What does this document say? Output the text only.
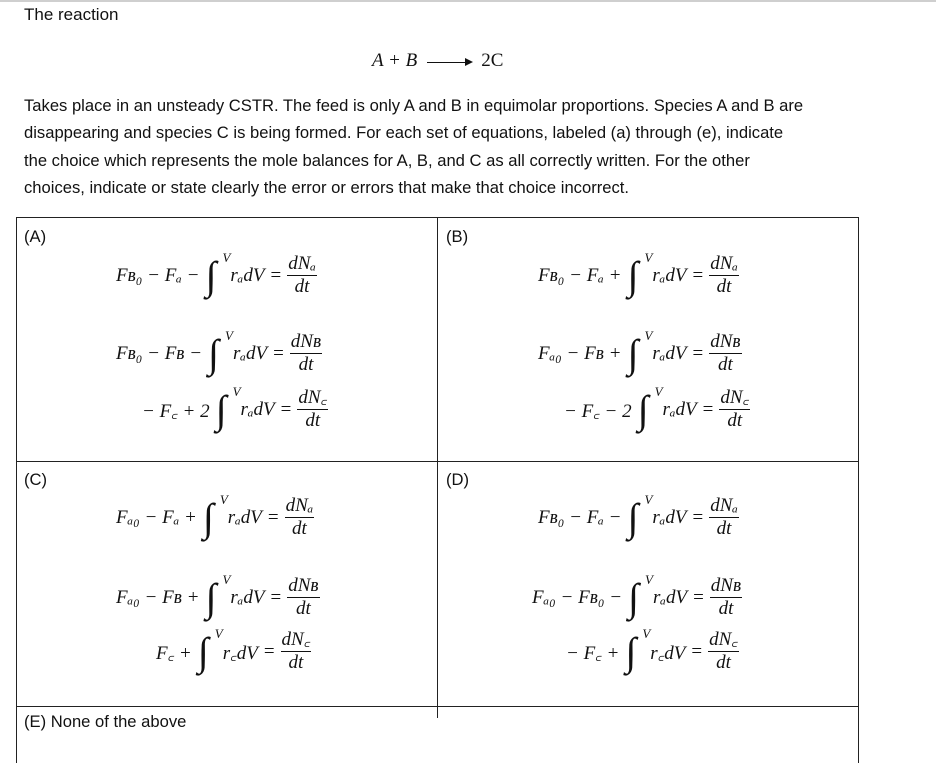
The reaction
A + B	2C
Takes place in an unsteady CSTR. The feed is only A and B in equimolar proportions. Species A and B are
disappearing and species C is being formed. For each set of equations, labeled (a) through (e), indicate
the choice which represents the mole balances for A, B, and C as all correctly written. For the other
choices, indicate or state clearly the error or errors that make that choice incorrect.
(A)
Fʙ₀ − Fₐ − ∫ V
$r_adV = \frac{\text{dNₐ}}{dt}$
Fʙ₀ − Fʙ − ∫ V
$r_adV = \frac{\text{dNʙ}}{dt}$
− F꜀ + 2 ∫ V
$r_adV = \frac{dN꜀}{dt}$
(B)
Fʙ₀ − Fₐ + ∫ V
$r_adV = \frac{\text{dNₐ}}{dt}$
Fₐ₀ − Fʙ + ∫ V
$r_adV = \frac{\text{dNʙ}}{dt}$
− F꜀ − 2 ∫ V
$r_adV = \frac{dN꜀}{dt}$
(C)
Fₐ₀ − Fₐ + ∫ V
$r_adV = \frac{\text{dNₐ}}{dt}$
Fₐ₀ − Fʙ + ∫ V
$r_adV = \frac{\text{dNʙ}}{dt}$
F꜀ + ∫ V
r꜀dV = $\frac{dN꜀}{dt}$
(D)
Fʙ₀ − Fₐ − ∫ V
$r_adV = \frac{\text{dNₐ}}{dt}$
Fₐ₀ − Fʙ₀ − ∫ V
$r_adV = \frac{\text{dNʙ}}{dt}$
− F꜀ + ∫ V
r꜀dV = $\frac{dN꜀}{dt}$
(E) None of the above
